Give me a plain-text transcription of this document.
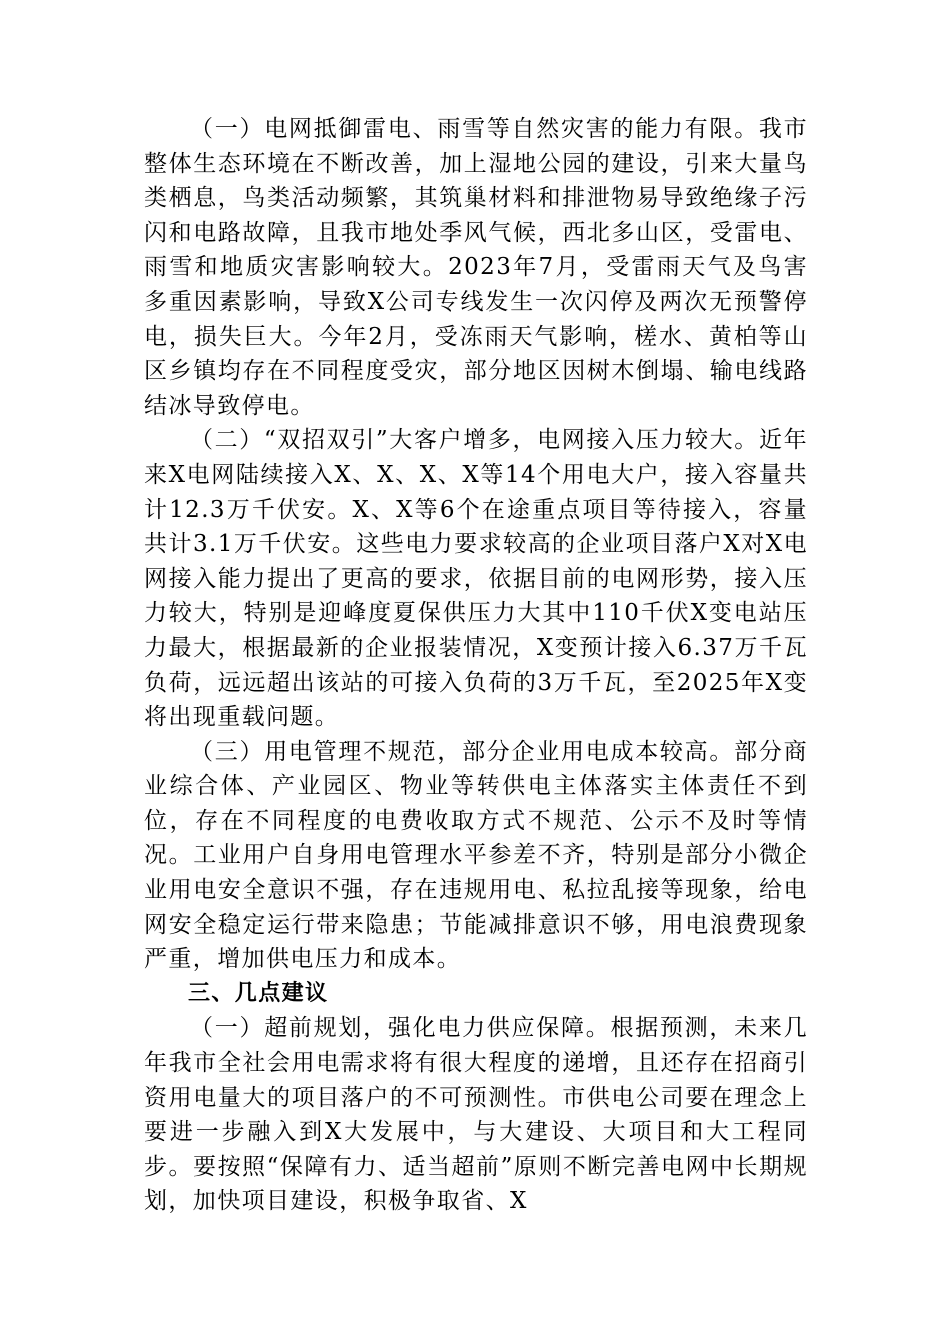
（一）电网抵御雷电、雨雪等自然灾害的能力有限。我市整体生态环境在不断改善，加上湿地公园的建设，引来大量鸟类栖息，鸟类活动频繁，其筑巢材料和排泄物易导致绝缘子污闪和电路故障，且我市地处季风气候，西北多山区，受雷电、雨雪和地质灾害影响较大。2023年7月，受雷雨天气及鸟害多重因素影响，导致X公司专线发生一次闪停及两次无预警停电，损失巨大。今年2月，受冻雨天气影响，槎水、黄柏等山区乡镇均存在不同程度受灾，部分地区因树木倒塌、输电线路结冰导致停电。

（二）“双招双引”大客户增多，电网接入压力较大。近年来X电网陆续接入X、X、X、X等14个用电大户，接入容量共计12.3万千伏安。X、X等6个在途重点项目等待接入，容量共计3.1万千伏安。这些电力要求较高的企业项目落户X对X电网接入能力提出了更高的要求，依据目前的电网形势，接入压力较大，特别是迎峰度夏保供压力大其中110千伏X变电站压力最大，根据最新的企业报装情况，X变预计接入6.37万千瓦负荷，远远超出该站的可接入负荷的3万千瓦，至2025年X变将出现重载问题。

（三）用电管理不规范，部分企业用电成本较高。部分商业综合体、产业园区、物业等转供电主体落实主体责任不到位，存在不同程度的电费收取方式不规范、公示不及时等情况。工业用户自身用电管理水平参差不齐，特别是部分小微企业用电安全意识不强，存在违规用电、私拉乱接等现象，给电网安全稳定运行带来隐患；节能减排意识不够，用电浪费现象严重，增加供电压力和成本。

三、几点建议

（一）超前规划，强化电力供应保障。根据预测，未来几年我市全社会用电需求将有很大程度的递增，且还存在招商引资用电量大的项目落户的不可预测性。市供电公司要在理念上要进一步融入到X大发展中，与大建设、大项目和大工程同步。要按照“保障有力、适当超前”原则不断完善电网中长期规划，加快项目建设，积极争取省、X
